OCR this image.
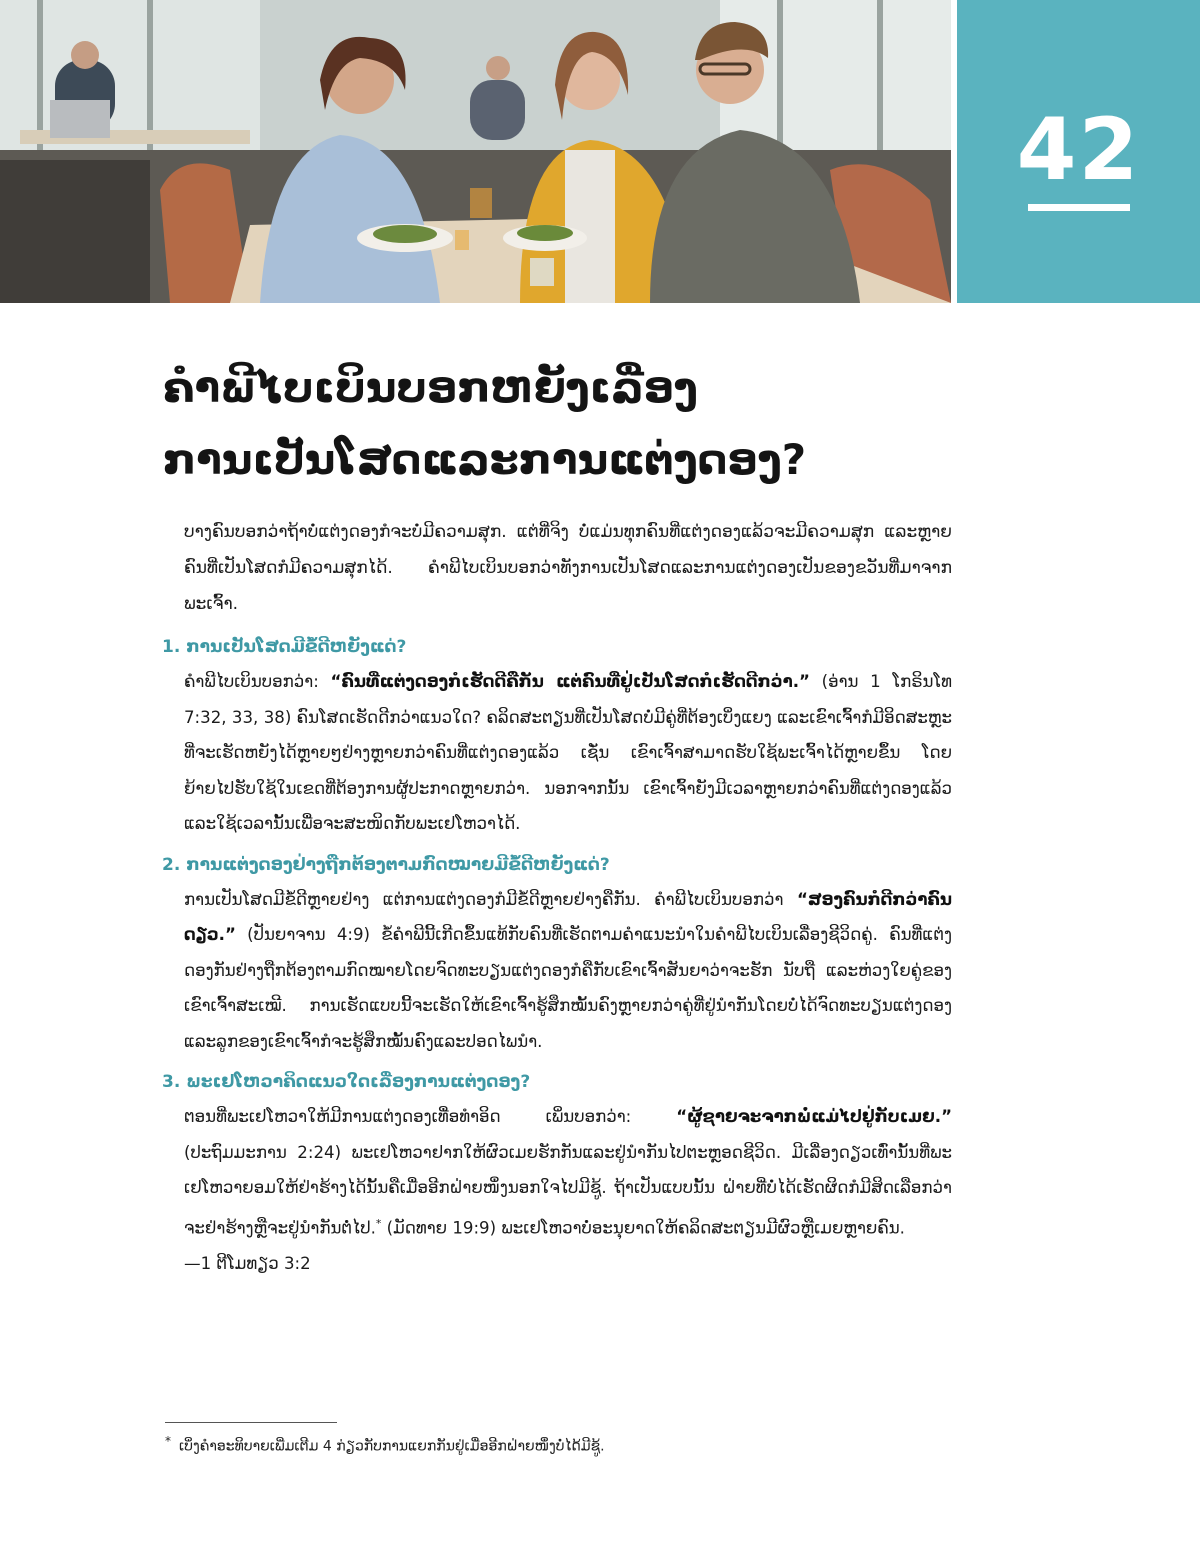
42
ຄຳພີໄບເບິນບອກຫຍັງເລື່ອງ
ການເປັນໂສດແລະການແຕ່ງດອງ?

ບາງຄົນບອກວ່າຖ້າບໍ່ແຕ່ງດອງກໍຈະບໍ່ມີຄວາມສຸກ. ແຕ່ທີ່ຈິງ ບໍ່ແມ່ນທຸກຄົນທີ່ແຕ່ງດອງແລ້ວຈະມີຄວາມສຸກ ແລະຫຼາຍຄົນທີ່ເປັນໂສດກໍມີຄວາມສຸກໄດ້. ຄຳພີໄບເບິນບອກວ່າທັງການເປັນໂສດແລະການແຕ່ງດອງເປັນຂອງຂວັນທີ່ມາຈາກພະເຈົ້າ.

1. ການເປັນໂສດມີຂໍ້ດີຫຍັງແດ່?

ຄຳພີໄບເບິນບອກວ່າ: “ຄົນທີ່ແຕ່ງດອງກໍເຮັດດີຄືກັນ ແຕ່ຄົນທີ່ຢູ່ເປັນໂສດກໍເຮັດດີກວ່າ.” (ອ່ານ 1 ໂກຣິນໂທ 7:32, 33, 38) ຄົນໂສດເຮັດດີກວ່າແນວໃດ? ຄລິດສະຕຽນທີ່ເປັນໂສດບໍ່ມີຄູ່ທີ່ຕ້ອງເບິ່ງແຍງ ແລະເຂົາເຈົ້າກໍມີອິດສະຫຼະທີ່ຈະເຮັດຫຍັງໄດ້ຫຼາຍໆຢ່າງຫຼາຍກວ່າຄົນທີ່ແຕ່ງດອງແລ້ວ ເຊັ່ນ ເຂົາເຈົ້າສາມາດຮັບໃຊ້ພະເຈົ້າໄດ້ຫຼາຍຂຶ້ນ ໂດຍຍ້າຍໄປຮັບໃຊ້ໃນເຂດທີ່ຕ້ອງການຜູ້ປະກາດຫຼາຍກວ່າ. ນອກຈາກນັ້ນ ເຂົາເຈົ້າຍັງມີເວລາຫຼາຍກວ່າຄົນທີ່ແຕ່ງດອງແລ້ວ ແລະໃຊ້ເວລານັ້ນເພື່ອຈະສະໜິດກັບພະເຢໂຫວາໄດ້.

2. ການແຕ່ງດອງຢ່າງຖືກຕ້ອງຕາມກົດໝາຍມີຂໍ້ດີຫຍັງແດ່?

ການເປັນໂສດມີຂໍ້ດີຫຼາຍຢ່າງ ແຕ່ການແຕ່ງດອງກໍມີຂໍ້ດີຫຼາຍຢ່າງຄືກັນ. ຄຳພີໄບເບິນບອກວ່າ “ສອງຄົນກໍດີກວ່າຄົນດຽວ.” (ປັນຍາຈານ 4:9) ຂໍ້ຄຳພີນີ້ເກີດຂຶ້ນແທ້ກັບຄົນທີ່ເຮັດຕາມຄຳແນະນຳໃນຄຳພີໄບເບິນເລື່ອງຊີວິດຄູ່. ຄົນທີ່ແຕ່ງດອງກັນຢ່າງຖືກຕ້ອງຕາມກົດໝາຍໂດຍຈົດທະບຽນແຕ່ງດອງກໍຄືກັບເຂົາເຈົ້າສັນຍາວ່າຈະຮັກ ນັບຖື ແລະຫ່ວງໃຍຄູ່ຂອງເຂົາເຈົ້າສະເໝີ. ການເຮັດແບບນີ້ຈະເຮັດໃຫ້ເຂົາເຈົ້າຮູ້ສຶກໝັ້ນຄົງຫຼາຍກວ່າຄູ່ທີ່ຢູ່ນຳກັນໂດຍບໍ່ໄດ້ຈົດທະບຽນແຕ່ງດອງ ແລະລູກຂອງເຂົາເຈົ້າກໍຈະຮູ້ສຶກໝັ້ນຄົງແລະປອດໄພນຳ.

3. ພະເຢໂຫວາຄິດແນວໃດເລື່ອງການແຕ່ງດອງ?

ຕອນທີ່ພະເຢໂຫວາໃຫ້ມີການແຕ່ງດອງເທື່ອທຳອິດ ເພິ່ນບອກວ່າ: “ຜູ້ຊາຍຈະຈາກພໍ່ແມ່ໄປຢູ່ກັບເມຍ.” (ປະຖົມມະການ 2:24) ພະເຢໂຫວາຢາກໃຫ້ຜົວເມຍຮັກກັນແລະຢູ່ນຳກັນໄປຕະຫຼອດຊີວິດ. ມີເລື່ອງດຽວເທົ່ານັ້ນທີ່ພະເຢໂຫວາຍອມໃຫ້ຢ່າຮ້າງໄດ້ນັ້ນຄືເມື່ອອີກຝ່າຍໜຶ່ງນອກໃຈໄປມີຊູ້. ຖ້າເປັນແບບນັ້ນ ຝ່າຍທີ່ບໍ່ໄດ້ເຮັດຜິດກໍມີສິດເລືອກວ່າຈະຢ່າຮ້າງຫຼືຈະຢູ່ນຳກັນຕໍ່ໄປ.* (ມັດທາຍ 19:9) ພະເຢໂຫວາບໍ່ອະນຸຍາດໃຫ້ຄລິດສະຕຽນມີຜົວຫຼືເມຍຫຼາຍຄົນ.
—1 ຕີໂມທຽວ 3:2

* ເບິ່ງຄຳອະທິບາຍເພີ່ມເຕີມ 4 ກ່ຽວກັບການແຍກກັນຢູ່ເມື່ອອີກຝ່າຍໜຶ່ງບໍ່ໄດ້ມີຊູ້.
